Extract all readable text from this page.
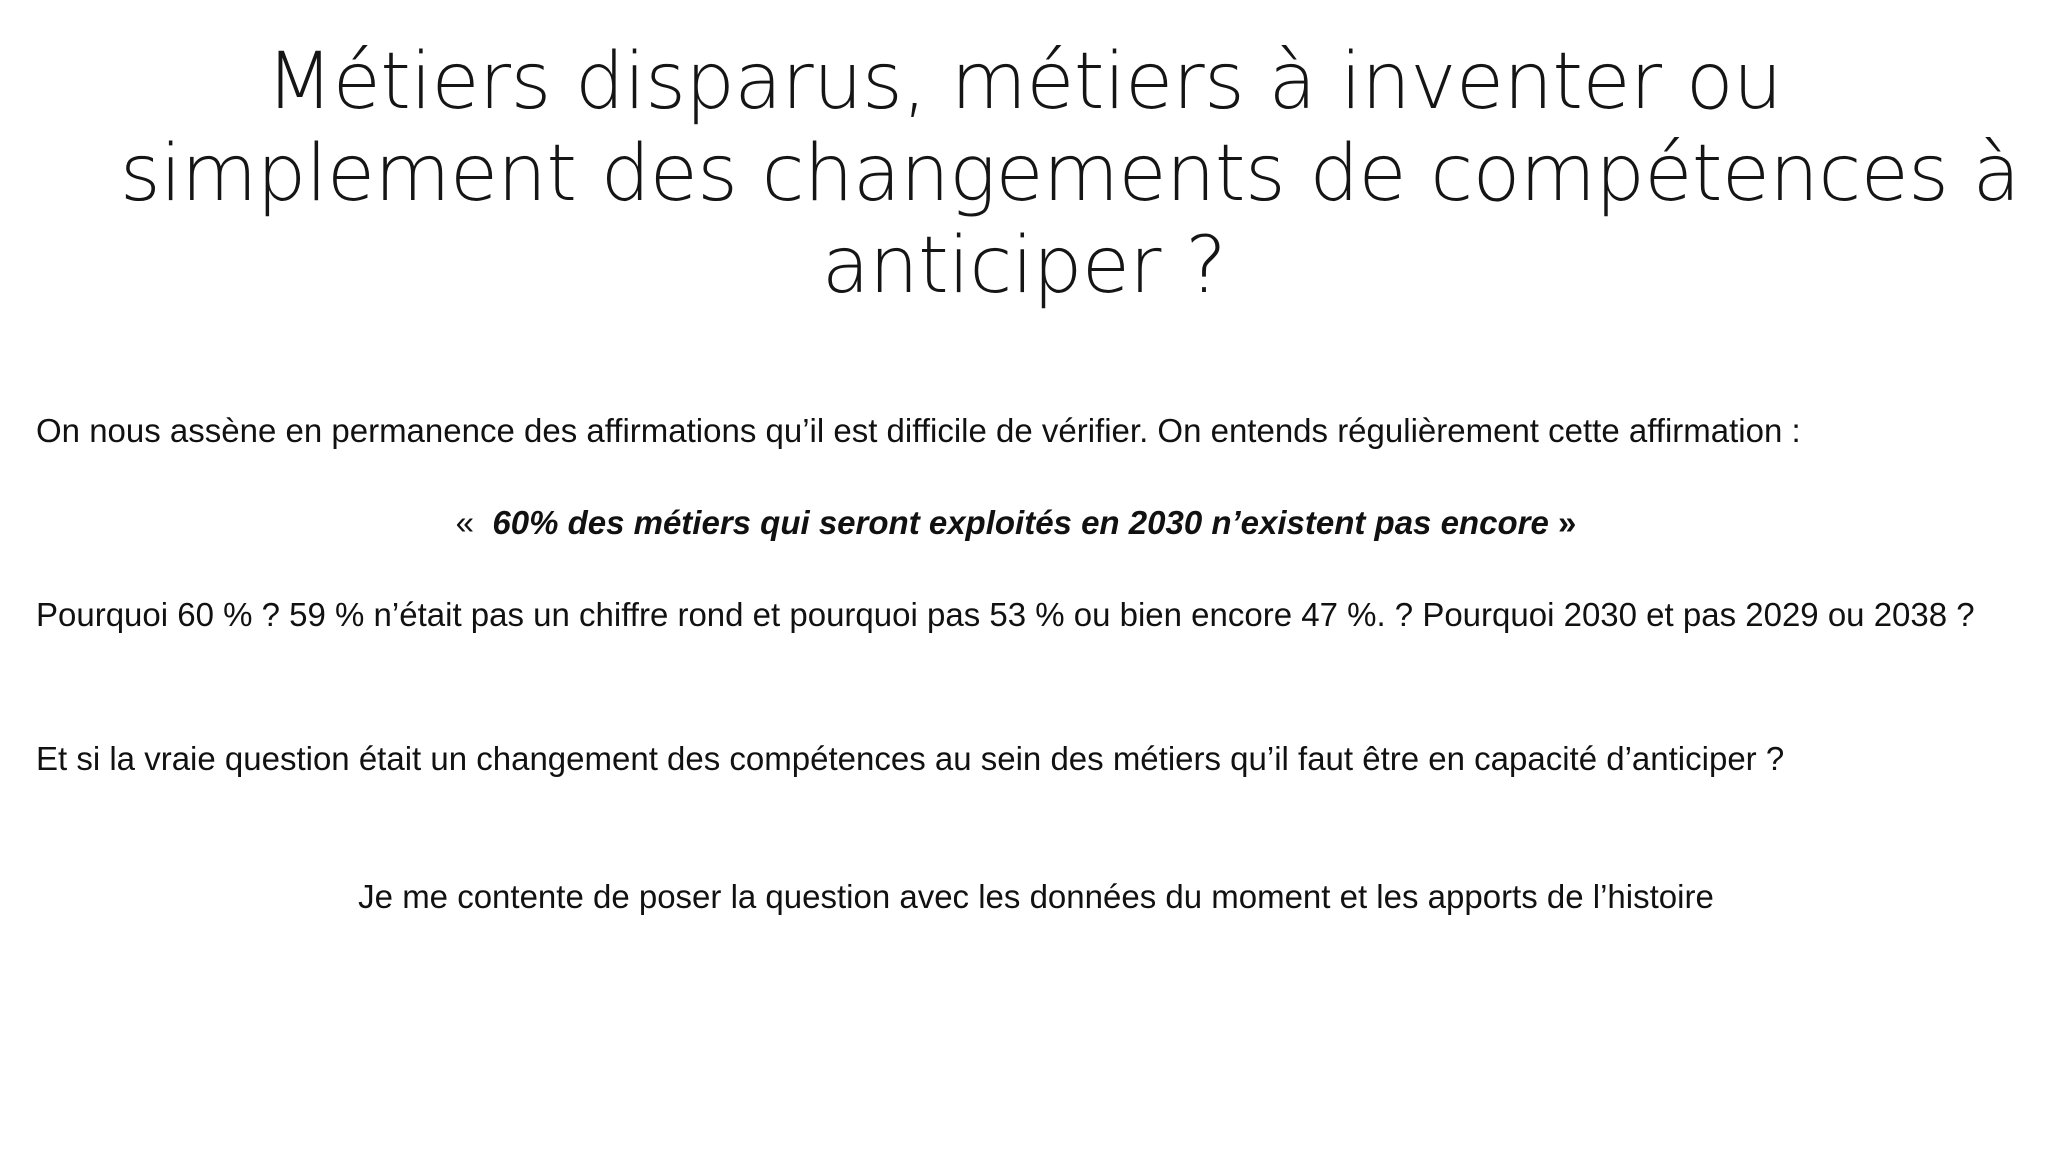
Métiers disparus, métiers à inventer ou
simplement des changements de compétences à
anticiper ?
On nous assène en permanence des affirmations qu’il est difficile de vérifier. On entends régulièrement cette affirmation :
« 60% des métiers qui seront exploités en 2030 n’existent pas encore »
Pourquoi 60 % ? 59 % n’était pas un chiffre rond et pourquoi pas 53 % ou bien encore 47 %. ? Pourquoi 2030 et pas 2029 ou 2038 ?
Et si la vraie question était un changement des compétences au sein des métiers qu’il faut être en capacité d’anticiper ?
Je me contente de poser la question avec les données du moment et les apports de l’histoire
